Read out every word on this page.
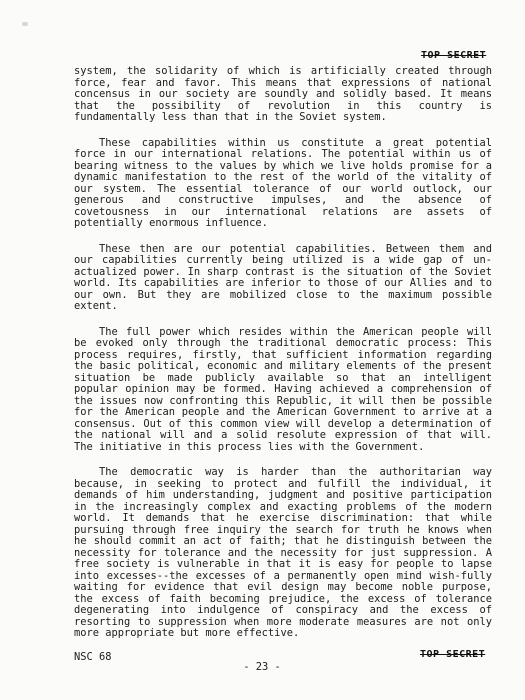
TOP SECRET

system, the solidarity of which is artificially created through force, fear and favor. This means that expressions of national concensus in our society are soundly and solidly based. It means that the possibility of revolution in this country is fundamentally less than that in the Soviet system.

These capabilities within us constitute a great potential force in our international relations. The potential within us of bearing witness to the values by which we live holds promise for a dynamic manifestation to the rest of the world of the vitality of our system. The essential tolerance of our world outlock, our generous and constructive impulses, and the absence of covetousness in our international relations are assets of potentially enormous influence.

These then are our potential capabilities. Between them and our capabilities currently being utilized is a wide gap of un-actualized power. In sharp contrast is the situation of the Soviet world. Its capabilities are inferior to those of our Allies and to our own. But they are mobilized close to the maximum possible extent.

The full power which resides within the American people will be evoked only through the traditional democratic process: This process requires, firstly, that sufficient information regarding the basic political, economic and military elements of the present situation be made publicly available so that an intelligent popular opinion may be formed. Having achieved a comprehension of the issues now confronting this Republic, it will then be possible for the American people and the American Government to arrive at a consensus. Out of this common view will develop a determination of the national will and a solid resolute expression of that will. The initiative in this process lies with the Government.

The democratic way is harder than the authoritarian way because, in seeking to protect and fulfill the individual, it demands of him understanding, judgment and positive participation in the increasingly complex and exacting problems of the modern world. It demands that he exercise discrimination: that while pursuing through free inquiry the search for truth he knows when he should commit an act of faith; that he distinguish between the necessity for tolerance and the necessity for just suppression. A free society is vulnerable in that it is easy for people to lapse into excesses--the excesses of a permanently open mind wish-fully waiting for evidence that evil design may become noble purpose, the excess of faith becoming prejudice, the excess of tolerance degenerating into indulgence of conspiracy and the excess of resorting to suppression when more moderate measures are not only more appropriate but more effective.

NSC 68
- 23 -
TOP SECRET
